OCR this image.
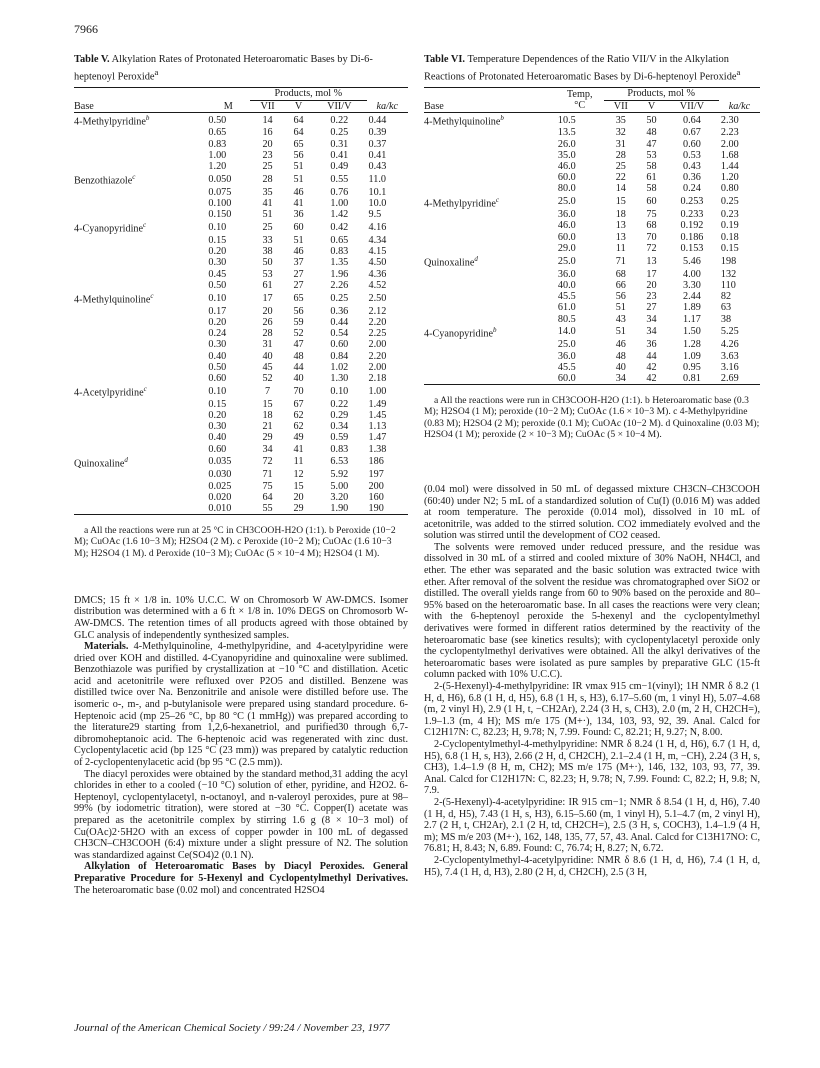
7966
Table V. Alkylation Rates of Protonated Heteroaromatic Bases by Di-6-heptenoyl Peroxide$^a$
Base	M	Products, mol %			ka/kc
		VII	V	VII/V	
4-Methylpyridine$^b$	0.50	14	64	0.22	0.44
	0.65	16	64	0.25	0.39
	0.83	20	65	0.31	0.37
	1.00	23	56	0.41	0.41
	1.20	25	51	0.49	0.43
Benzothiazole$^c$	0.050	28	51	0.55	11.0
	0.075	35	46	0.76	10.1
	0.100	41	41	1.00	10.0
	0.150	51	36	1.42	9.5
4-Cyanopyridine$^c$	0.10	25	60	0.42	4.16
	0.15	33	51	0.65	4.34
	0.20	38	46	0.83	4.15
	0.30	50	37	1.35	4.50
	0.45	53	27	1.96	4.36
	0.50	61	27	2.26	4.52
4-Methylquinoline$^c$	0.10	17	65	0.25	2.50
	0.17	20	56	0.36	2.12
	0.20	26	59	0.44	2.20
	0.24	28	52	0.54	2.25
	0.30	31	47	0.60	2.00
	0.40	40	48	0.84	2.20
	0.50	45	44	1.02	2.00
	0.60	52	40	1.30	2.18
4-Acetylpyridine$^c$	0.10	7	70	0.10	1.00
	0.15	15	67	0.22	1.49
	0.20	18	62	0.29	1.45
	0.30	21	62	0.34	1.13
	0.40	29	49	0.59	1.47
	0.60	34	41	0.83	1.38
Quinoxaline$^d$	0.035	72	11	6.53	186
	0.030	71	12	5.92	197
	0.025	75	15	5.00	200
	0.020	64	20	3.20	160
	0.010	55	29	1.90	190
a All the reactions were run at 25 °C in CH3COOH-H2O (1:1). b Peroxide (10−2 M); CuOAc (1.6 10−3 M); H2SO4 (2 M). c Peroxide (10−2 M); CuOAc (1.6 10−3 M); H2SO4 (1 M). d Peroxide (10−3 M); CuOAc (5 × 10−4 M); H2SO4 (1 M).

DMCS; 15 ft × 1/8 in. 10% U.C.C. W on Chromosorb W AW-DMCS. Isomer distribution was determined with a 6 ft × 1/8 in. 10% DEGS on Chromosorb W-AW-DMCS. The retention times of all products agreed with those obtained by GLC analysis of independently synthesized samples.

Materials. 4-Methylquinoline, 4-methylpyridine, and 4-acetylpyridine were dried over KOH and distilled. 4-Cyanopyridine and quinoxaline were sublimed. Benzothiazole was purified by crystallization at −10 °C and distillation. Acetic acid and acetonitrile were refluxed over P2O5 and distilled. Benzene was distilled twice over Na. Benzonitrile and anisole were distilled before use. The isomeric o-, m-, and p-butylanisole were prepared using standard procedure. 6-Heptenoic acid (mp 25–26 °C, bp 80 °C (1 mmHg)) was prepared according to the literature29 starting from 1,2,6-hexanetriol, and purified30 through 6,7-dibromoheptanoic acid. The 6-heptenoic acid was regenerated with zinc dust. Cyclopentylacetic acid (bp 125 °C (23 mm)) was prepared by catalytic reduction of 2-cyclopentenylacetic acid (bp 95 °C (2.5 mm)).

The diacyl peroxides were obtained by the standard method,31 adding the acyl chlorides in ether to a cooled (−10 °C) solution of ether, pyridine, and H2O2. 6-Heptenoyl, cyclopentylacetyl, n-octanoyl, and n-valeroyl peroxides, pure at 98–99% (by iodometric titration), were stored at −30 °C. Copper(I) acetate was prepared as the acetonitrile complex by stirring 1.6 g (8 × 10−3 mol) of Cu(OAc)2·5H2O with an excess of copper powder in 100 mL of degassed CH3CN–CH3COOH (6:4) mixture under a slight pressure of N2. The solution was standardized against Ce(SO4)2 (0.1 N).

Alkylation of Heteroaromatic Bases by Diacyl Peroxides. General Preparative Procedure for 5-Hexenyl and Cyclopentylmethyl Derivatives. The heteroaromatic base (0.02 mol) and concentrated H2SO4

Table VI. Temperature Dependences of the Ratio VII/V in the Alkylation Reactions of Protonated Heteroaromatic Bases by Di-6-heptenoyl Peroxide$^a$
Base	Temp,	Products, mol %			ka/kc
	°C	VII	V	VII/V	
4-Methylquinoline$^b$	10.5	35	50	0.64	2.30
	13.5	32	48	0.67	2.23
	26.0	31	47	0.60	2.00
	35.0	28	53	0.53	1.68
	46.0	25	58	0.43	1.44
	60.0	22	61	0.36	1.20
	80.0	14	58	0.24	0.80
4-Methylpyridine$^c$	25.0	15	60	0.253	0.25
	36.0	18	75	0.233	0.23
	46.0	13	68	0.192	0.19
	60.0	13	70	0.186	0.18
	29.0	11	72	0.153	0.15
Quinoxaline$^d$	25.0	71	13	5.46	198
	36.0	68	17	4.00	132
	40.0	66	20	3.30	110
	45.5	56	23	2.44	82
	61.0	51	27	1.89	63
	80.5	43	34	1.17	38
4-Cyanopyridine$^b$	14.0	51	34	1.50	5.25
	25.0	46	36	1.28	4.26
	36.0	48	44	1.09	3.63
	45.5	40	42	0.95	3.16
	60.0	34	42	0.81	2.69
a All the reactions were run in CH3COOH-H2O (1:1). b Heteroaromatic base (0.3 M); H2SO4 (1 M); peroxide (10−2 M); CuOAc (1.6 × 10−3 M). c 4-Methylpyridine (0.83 M); H2SO4 (2 M); peroxide (0.1 M); CuOAc (10−2 M). d Quinoxaline (0.03 M); H2SO4 (1 M); peroxide (2 × 10−3 M); CuOAc (5 × 10−4 M).

(0.04 mol) were dissolved in 50 mL of degassed mixture CH3CN–CH3COOH (60:40) under N2; 5 mL of a standardized solution of Cu(I) (0.016 M) was added at room temperature. The peroxide (0.014 mol), dissolved in 10 mL of acetonitrile, was added to the stirred solution. CO2 immediately evolved and the solution was stirred until the development of CO2 ceased.

The solvents were removed under reduced pressure, and the residue was dissolved in 30 mL of a stirred and cooled mixture of 30% NaOH, NH4Cl, and ether. The ether was separated and the basic solution was extracted twice with ether. After removal of the solvent the residue was chromatographed over SiO2 or distilled. The overall yields range from 60 to 90% based on the peroxide and 80–95% based on the heteroaromatic base. In all cases the reactions were very clean; with the 6-heptenoyl peroxide the 5-hexenyl and the cyclopentylmethyl derivatives were formed in different ratios determined by the reactivity of the heteroaromatic base (see kinetics results); with cyclopentylacetyl peroxide only the cyclopentylmethyl derivatives were obtained. All the alkyl derivatives of the heteroaromatic bases were isolated as pure samples by preparative GLC (15-ft column packed with 10% U.C.C).

2-(5-Hexenyl)-4-methylpyridine: IR νmax 915 cm−1(vinyl); 1H NMR δ 8.2 (1 H, d, H6), 6.8 (1 H, d, H5), 6.8 (1 H, s, H3), 6.17–5.60 (m, 1 vinyl H), 5.07–4.68 (m, 2 vinyl H), 2.9 (1 H, t, −CH2Ar), 2.24 (3 H, s, CH3), 2.0 (m, 2 H, CH2CH=), 1.9–1.3 (m, 4 H); MS m/e 175 (M+·), 134, 103, 93, 92, 39. Anal. Calcd for C12H17N: C, 82.23; H, 9.78; N, 7.99. Found: C, 82.21; H, 9.27; N, 8.00.

2-Cyclopentylmethyl-4-methylpyridine: NMR δ 8.24 (1 H, d, H6), 6.7 (1 H, d, H5), 6.8 (1 H, s, H3), 2.66 (2 H, d, CH2CH), 2.1–2.4 (1 H, m, −CH), 2.24 (3 H, s, CH3), 1.4–1.9 (8 H, m, CH2); MS m/e 175 (M+·), 146, 132, 103, 93, 77, 39. Anal. Calcd for C12H17N: C, 82.23; H, 9.78; N, 7.99. Found: C, 82.2; H, 9.8; N, 7.9.

2-(5-Hexenyl)-4-acetylpyridine: IR 915 cm−1; NMR δ 8.54 (1 H, d, H6), 7.40 (1 H, d, H5), 7.43 (1 H, s, H3), 6.15–5.60 (m, 1 vinyl H), 5.1–4.7 (m, 2 vinyl H), 2.7 (2 H, t, CH2Ar), 2.1 (2 H, td, CH2CH=), 2.5 (3 H, s, COCH3), 1.4–1.9 (4 H, m); MS m/e 203 (M+·), 162, 148, 135, 77, 57, 43. Anal. Calcd for C13H17NO: C, 76.81; H, 8.43; N, 6.89. Found: C, 76.74; H, 8.27; N, 6.72.

2-Cyclopentylmethyl-4-acetylpyridine: NMR δ 8.6 (1 H, d, H6), 7.4 (1 H, d, H5), 7.4 (1 H, d, H3), 2.80 (2 H, d, CH2CH), 2.5 (3 H,

Journal of the American Chemical Society / 99:24 / November 23, 1977
